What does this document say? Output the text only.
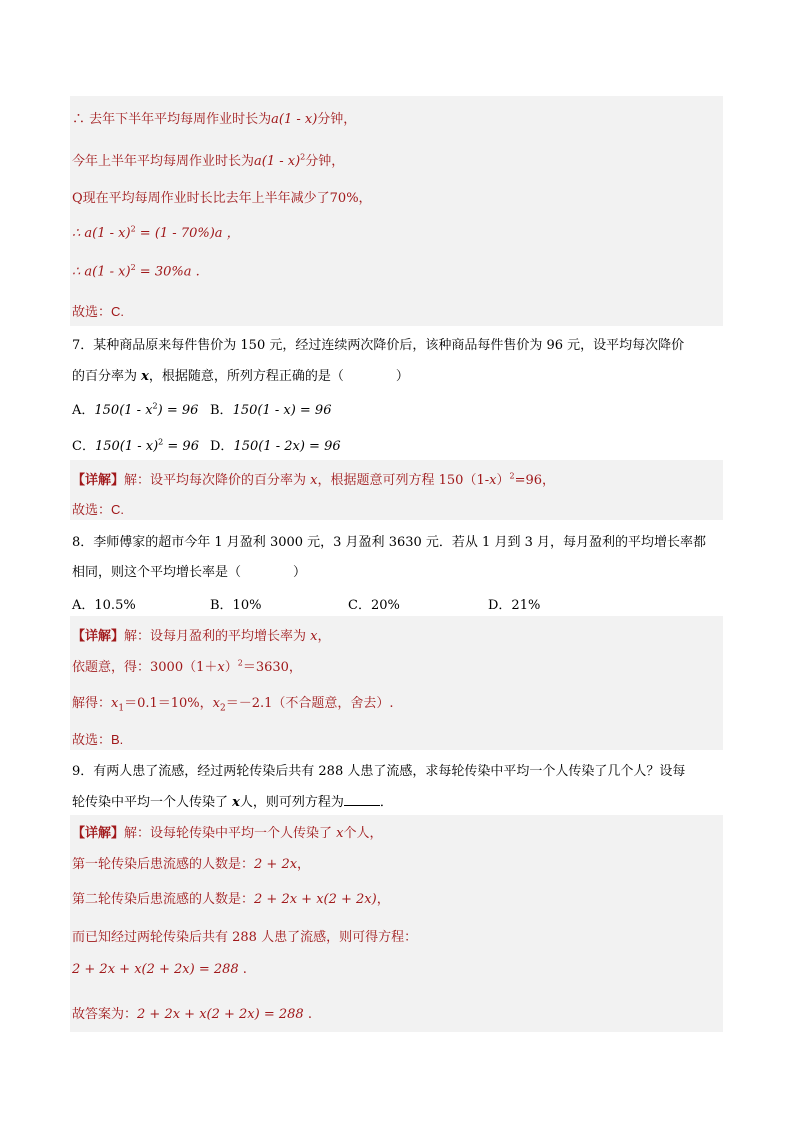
∴ 去年下半年平均每周作业时长为a(1 - x)分钟，
今年上半年平均每周作业时长为a(1 - x)$^2$分钟，
Q现在平均每周作业时长比去年上半年减少了70%，
∴ a(1 - x)$^2$ = (1 - 70%)a ，
∴ a(1 - x)$^2$ = 30%a .
故选：C.
7．某种商品原来每件售价为 150 元，经过连续两次降价后，该种商品每件售价为 96 元，设平均每次降价
的百分率为 x，根据随意，所列方程正确的是（　　　　）
A．$150(1 - x^2) = 96$ B．150(1 - x) = 96
C．150(1 - x)$^2$ = 96 D．150(1 - 2x) = 96
【详解】解：设平均每次降价的百分率为 x，根据题意可列方程 $150(1-x)^2=96$，
故选：C.
8．李师傅家的超市今年 1 月盈利 3000 元，3 月盈利 3630 元．若从 1 月到 3 月，每月盈利的平均增长率都
相同，则这个平均增长率是（　　　　）
A．10.5%	B．10%	C．20%	D．21%
【详解】解：设每月盈利的平均增长率为 x，
依题意，得：$3000(1+x)^2=3630$，
解得：$x_1=0.1=10\%$，$x_2=-2.1$（不合题意，舍去）.
故选：B.
9．有两人患了流感，经过两轮传染后共有 288 人患了流感，求每轮传染中平均一个人传染了几个人？设每
轮传染中平均一个人传染了 x人，则可列方程为	．
【详解】解：设每轮传染中平均一个人传染了 x个人，
第一轮传染后患流感的人数是：2 + 2x，
第二轮传染后患流感的人数是：2 + 2x + x(2 + 2x)，
而已知经过两轮传染后共有 288 人患了流感，则可得方程：
2 + 2x + x(2 + 2x) = 288 .
故答案为：2 + 2x + x(2 + 2x) = 288 .
